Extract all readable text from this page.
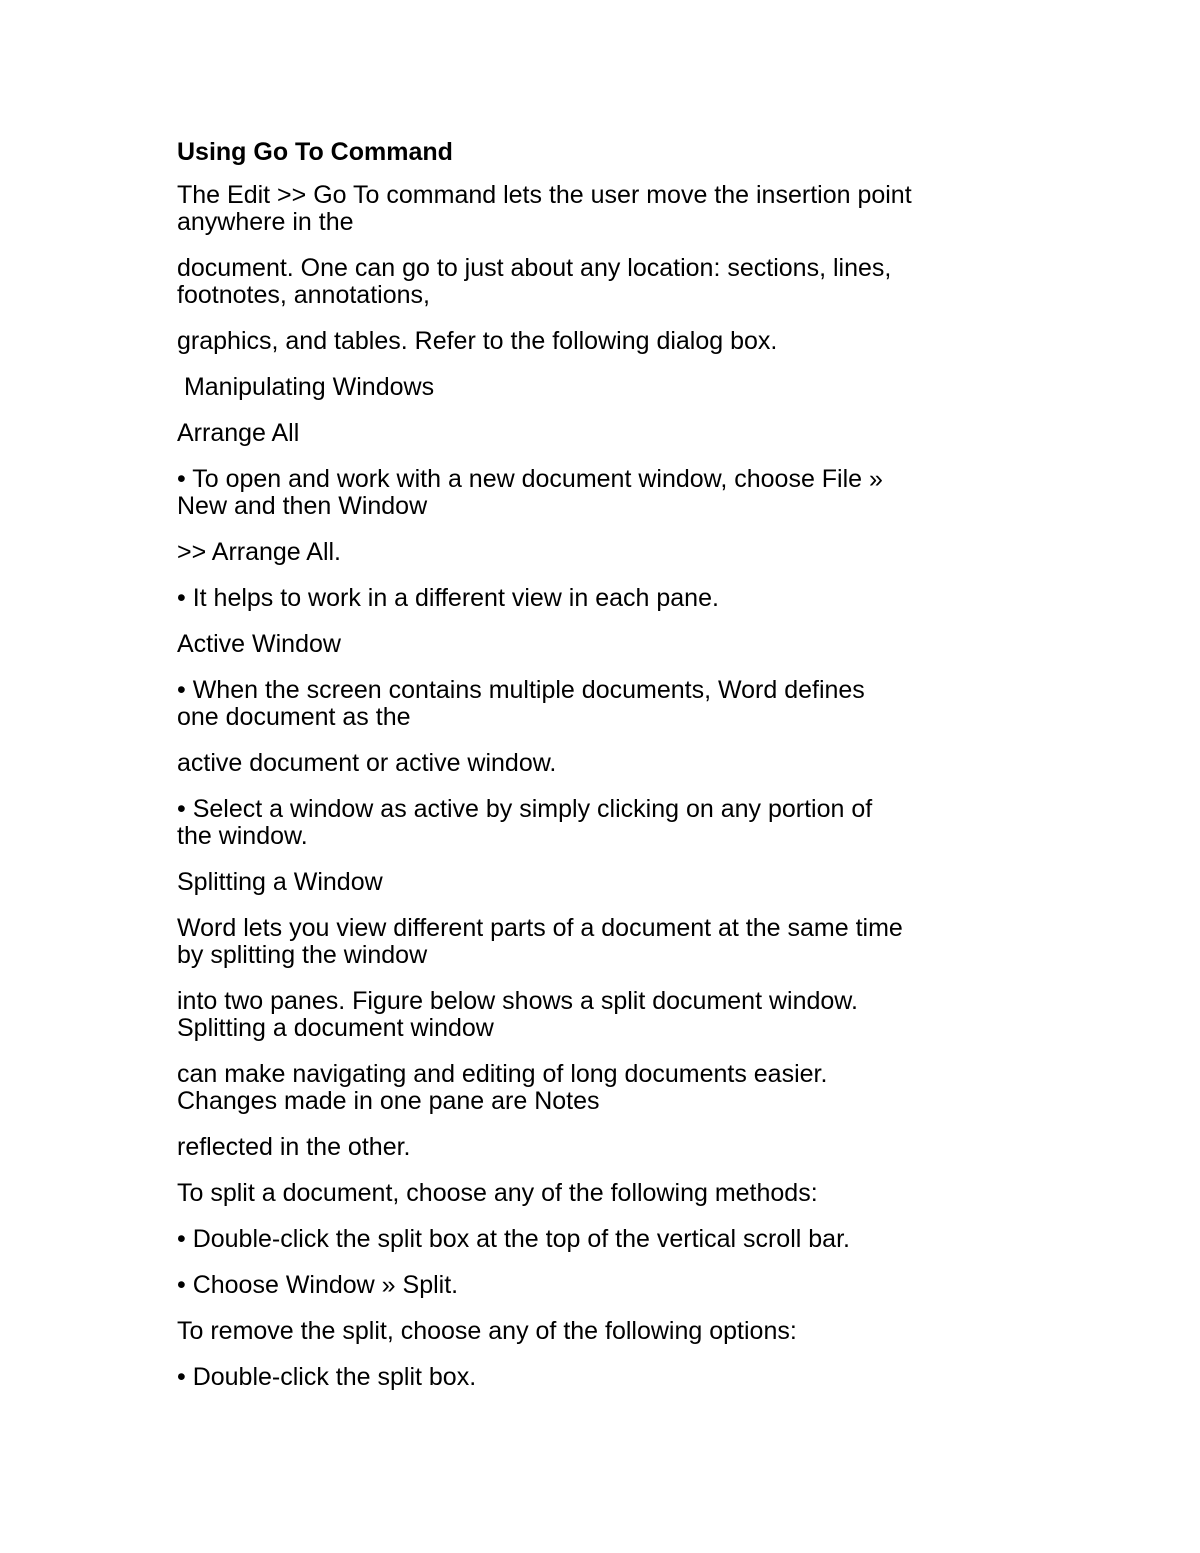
Using Go To Command
The Edit >> Go To command lets the user move the insertion point
anywhere in the
document. One can go to just about any location: sections, lines,
footnotes, annotations,
graphics, and tables. Refer to the following dialog box.
Manipulating Windows
Arrange All
• To open and work with a new document window, choose File »
New and then Window
>> Arrange All.
• It helps to work in a different view in each pane.
Active Window
• When the screen contains multiple documents, Word defines
one document as the
active document or active window.
• Select a window as active by simply clicking on any portion of
the window.
Splitting a Window
Word lets you view different parts of a document at the same time
by splitting the window
into two panes. Figure below shows a split document window.
Splitting a document window
can make navigating and editing of long documents easier.
Changes made in one pane are Notes
reflected in the other.
To split a document, choose any of the following methods:
• Double-click the split box at the top of the vertical scroll bar.
• Choose Window » Split.
To remove the split, choose any of the following options:
• Double-click the split box.
